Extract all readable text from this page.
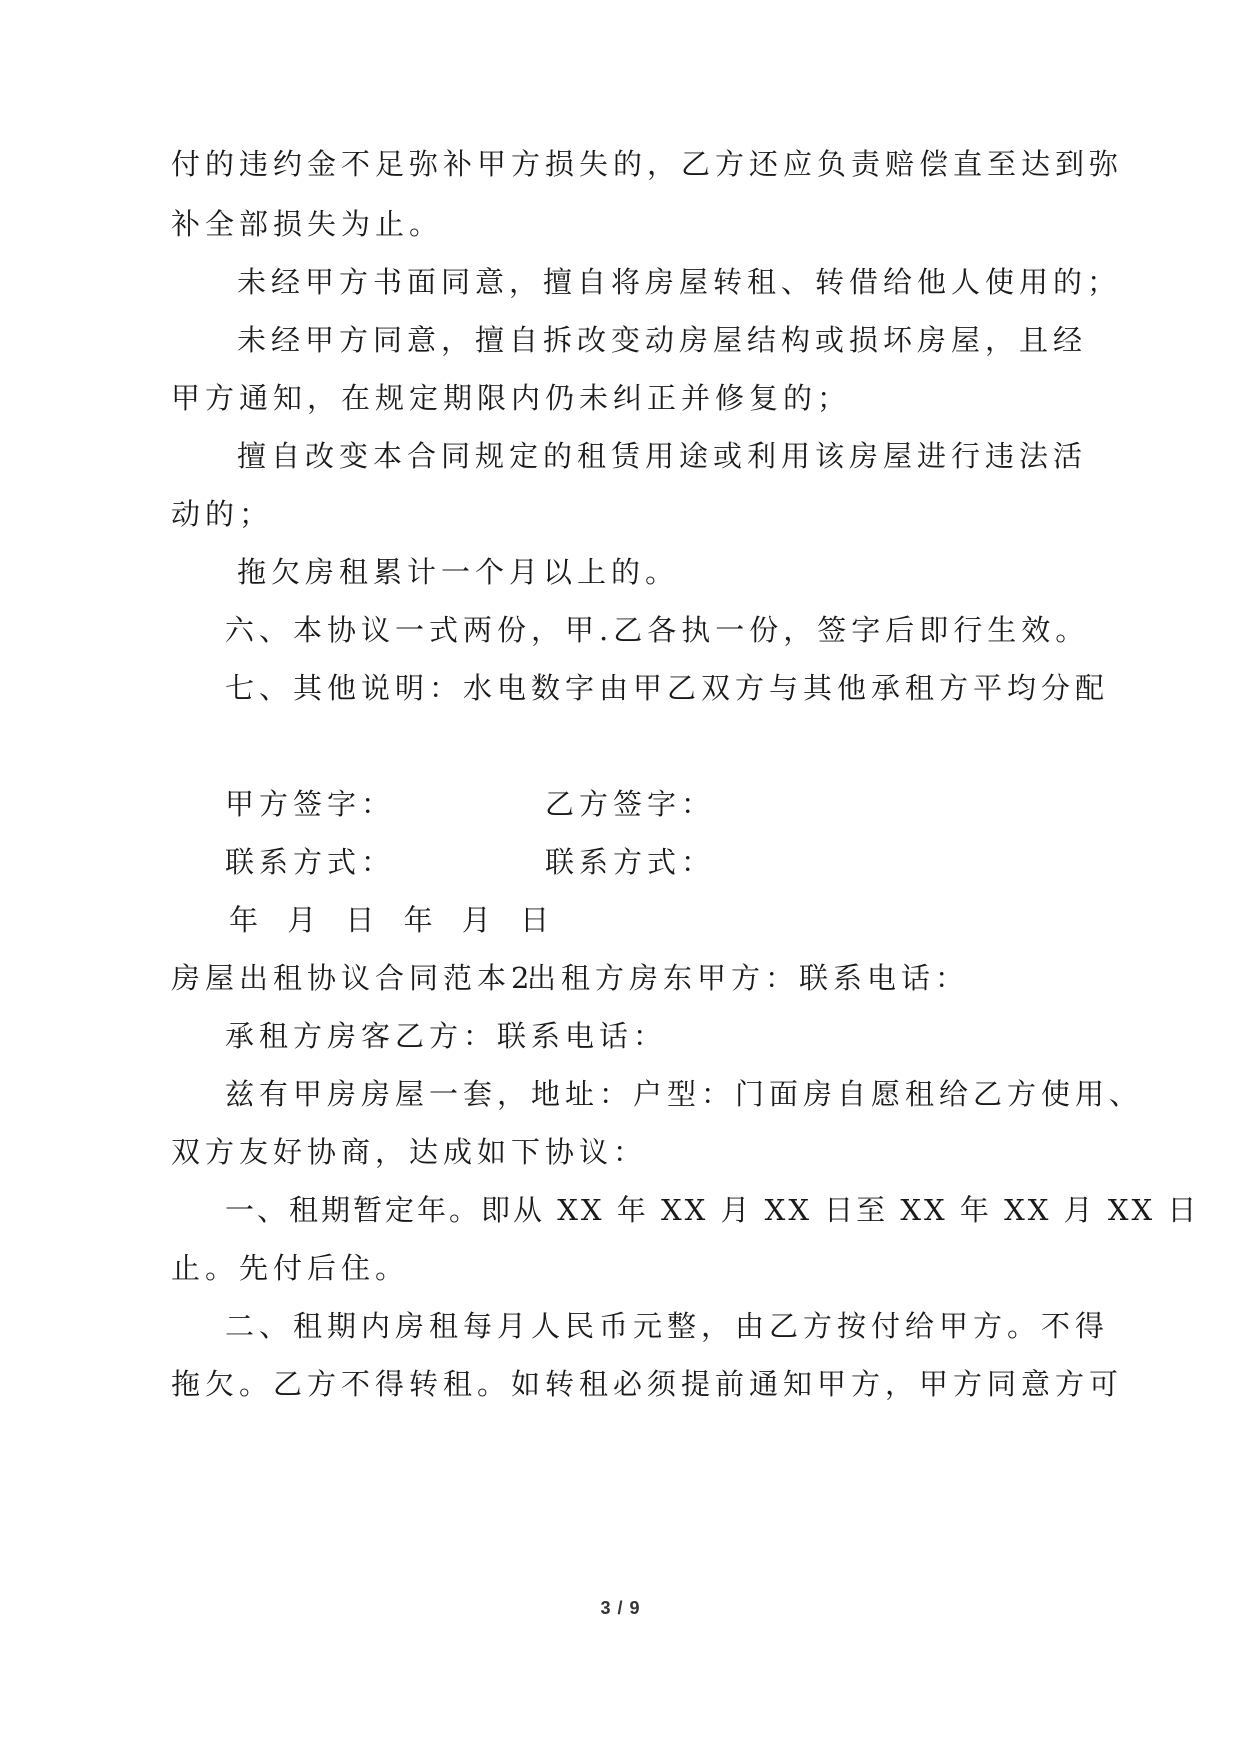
付的违约金不足弥补甲方损失的，乙方还应负责赔偿直至达到弥
补全部损失为止。
未经甲方书面同意，擅自将房屋转租、转借给他人使用的；
未经甲方同意，擅自拆改变动房屋结构或损坏房屋，且经
甲方通知，在规定期限内仍未纠正并修复的；
擅自改变本合同规定的租赁用途或利用该房屋进行违法活
动的；
拖欠房租累计一个月以上的。
六、本协议一式两份，甲.乙各执一份，签字后即行生效。
七、其他说明：水电数字由甲乙双方与其他承租方平均分配
甲方签字：	乙方签字：
联系方式：	联系方式：
年 月 日 年 月 日
房屋出租协议合同范本2
出租方房东甲方：联系电话：
承租方房客乙方：联系电话：
兹有甲房房屋一套，地址：户型：门面房自愿租给乙方使用、
双方友好协商，达成如下协议：
一、租期暂定年。即从 XX 年 XX 月 XX 日至 XX 年 XX 月 XX 日
止。先付后住。
二、租期内房租每月人民币元整，由乙方按付给甲方。不得
拖欠。乙方不得转租。如转租必须提前通知甲方，甲方同意方可
3 / 9
